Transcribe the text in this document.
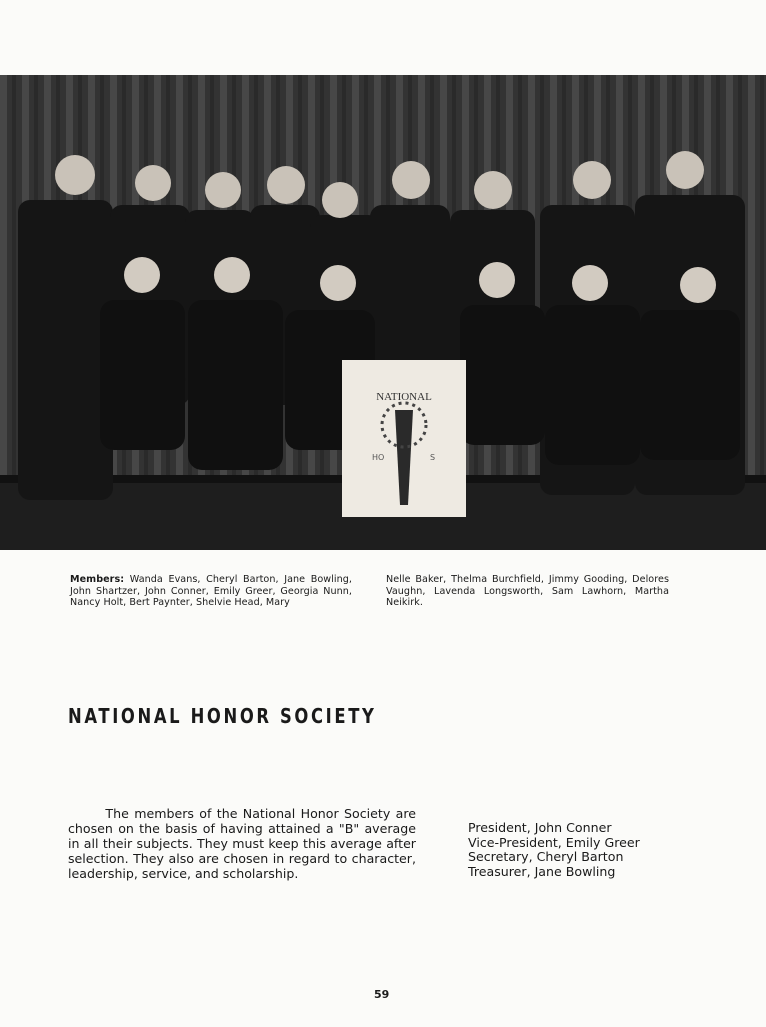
NATIONAL
HO	S
Members: Wanda Evans, Cheryl Barton, Jane Bowling, John Shartzer, John Conner, Emily Greer, Georgia Nunn, Nancy Holt, Bert Paynter, Shelvie Head, Mary
Nelle Baker, Thelma Burchfield, Jimmy Gooding, Delores Vaughn, Lavenda Longsworth, Sam Lawhorn, Martha Neikirk.
NATIONAL HONOR SOCIETY
The members of the National Honor Society are chosen on the basis of having attained a "B" average in all their subjects. They must keep this average after selection. They also are chosen in regard to character, leadership, service, and scholarship.
President, John Conner
Vice-President, Emily Greer
Secretary, Cheryl Barton
Treasurer, Jane Bowling
59
